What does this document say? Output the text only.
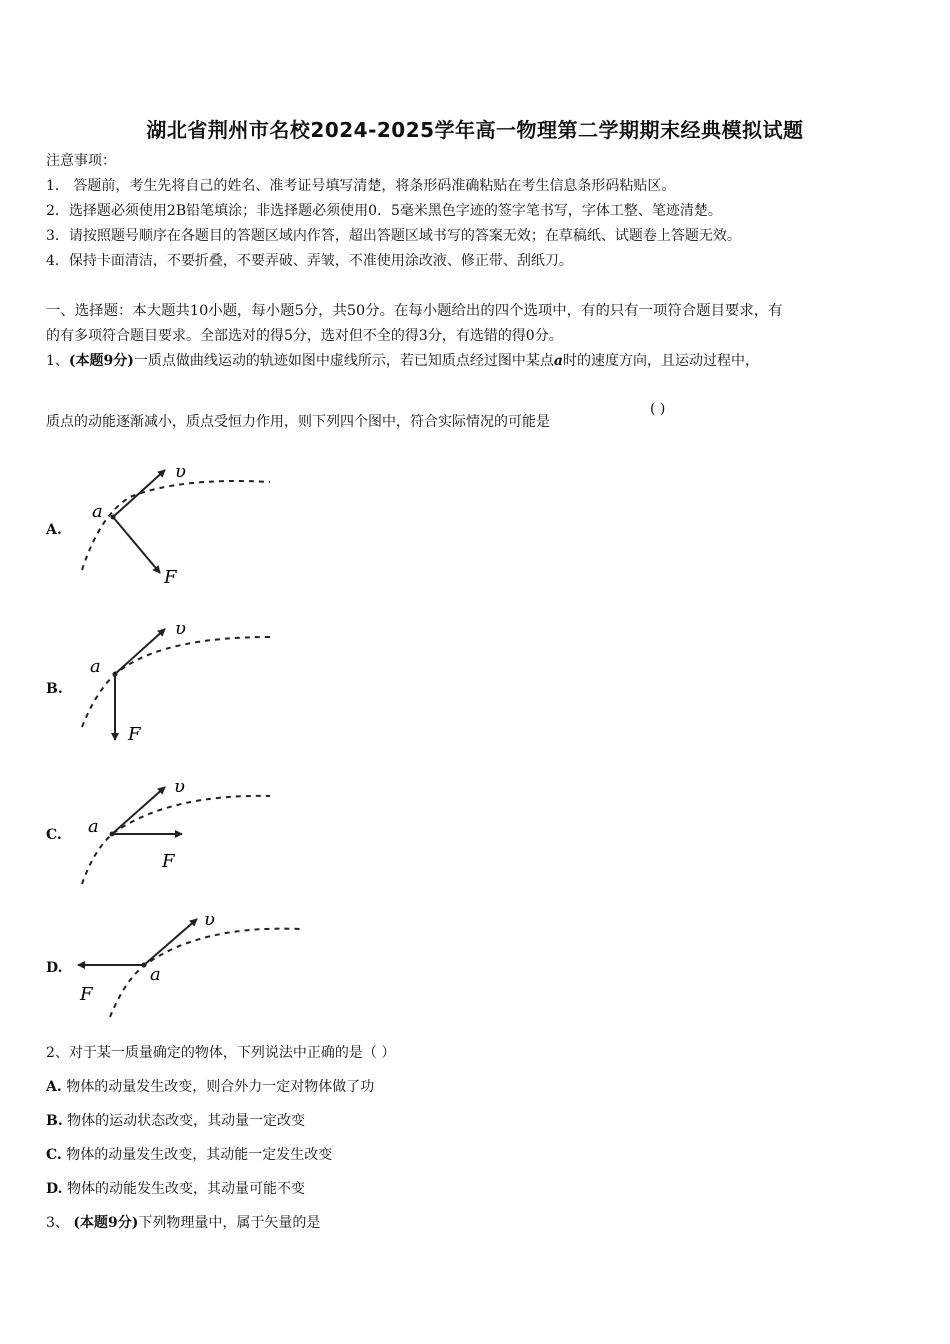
湖北省荆州市名校2024-2025学年高一物理第二学期期末经典模拟试题
注意事项：
1． 答题前，考生先将自己的姓名、准考证号填写清楚，将条形码准确粘贴在考生信息条形码粘贴区。
2．选择题必须使用2B铅笔填涂；非选择题必须使用0．5毫米黑色字迹的签字笔书写，字体工整、笔迹清楚。
3．请按照题号顺序在各题目的答题区域内作答，超出答题区域书写的答案无效；在草稿纸、试题卷上答题无效。
4．保持卡面清洁，不要折叠，不要弄破、弄皱，不准使用涂改液、修正带、刮纸刀。
一、选择题：本大题共10小题，每小题5分，共50分。在每小题给出的四个选项中，有的只有一项符合题目要求，有
的有多项符合题目要求。全部选对的得5分，选对但不全的得3分，有选错的得0分。
1、(本题9分)一质点做曲线运动的轨迹如图中虚线所示，若已知质点经过图中某点a时的速度方向，且运动过程中，
质点的动能逐渐减小，质点受恒力作用，则下列四个图中，符合实际情况的可能是
( )
A.
υ
a
F
B.
υ
a
F
C.
υ
a
F
D.
υ
a
F
2、对于某一质量确定的物体，下列说法中正确的是（ ）
A. 物体的动量发生改变，则合外力一定对物体做了功
B. 物体的运动状态改变，其动量一定改变
C. 物体的动量发生改变，其动能一定发生改变
D. 物体的动能发生改变，其动量可能不变
3、 (本题9分)下列物理量中，属于矢量的是
